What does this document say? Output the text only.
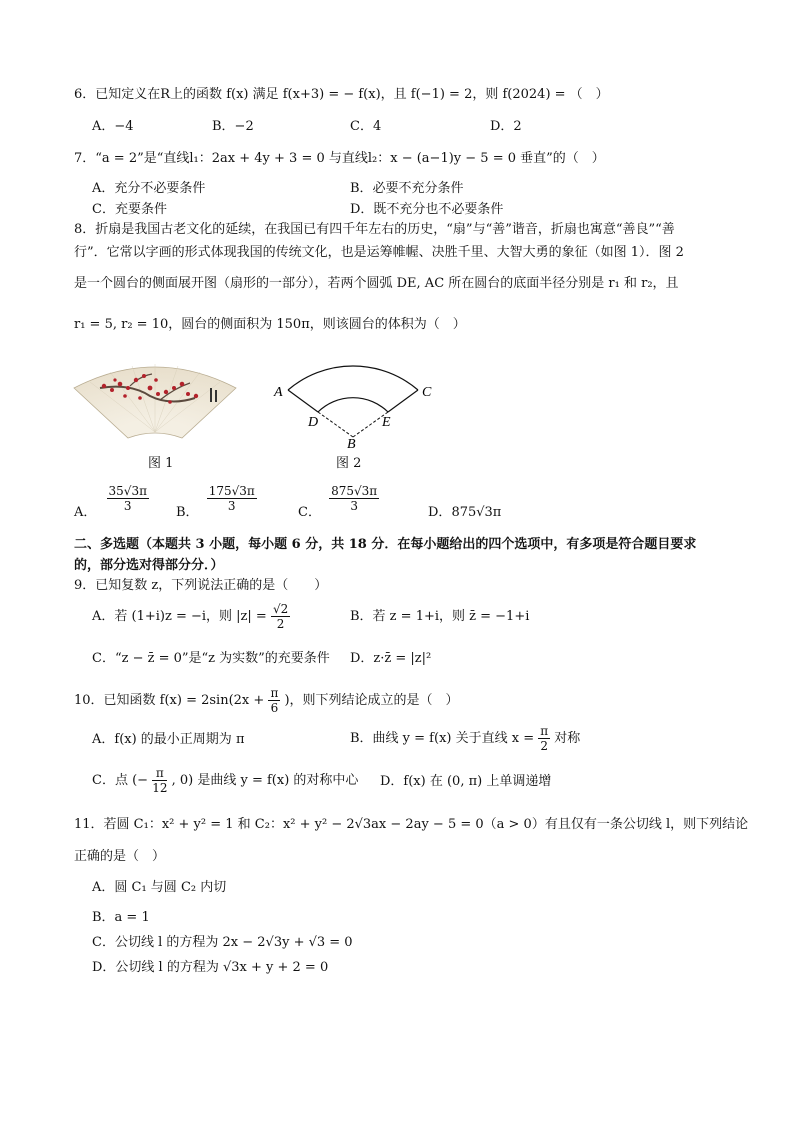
6．已知定义在R上的函数 f(x) 满足 f(x+3) = − f(x)，且 f(−1) = 2，则 f(2024) = （　）
A．−4	B．−2	C．4	D．2
7．“a = 2”是“直线l₁：2ax + 4y + 3 = 0 与直线l₂：x − (a−1)y − 5 = 0 垂直”的（　）
A．充分不必要条件	B．必要不充分条件
C．充要条件	D．既不充分也不必要条件
8．折扇是我国古老文化的延续，在我国已有四千年左右的历史，“扇”与“善”谐音，折扇也寓意“善良”“善
行”．它常以字画的形式体现我国的传统文化，也是运筹帷幄、决胜千里、大智大勇的象征（如图 1）．图 2
是一个圆台的侧面展开图（扇形的一部分），若两个圆弧 DE, AC 所在圆台的底面半径分别是 r₁ 和 r₂，且
r₁ = 5, r₂ = 10，圆台的侧面积为 150π，则该圆台的体积为（　）
图 1
A	C
D	E
B
图 2
A． $\frac{35√3\pi}{3}$ B． $\frac{175√3\pi}{3}$	C． $\frac{875√3\pi}{3}$	D．875√3π
二、多选题（本题共 3 小题，每小题 6 分，共 18 分．在每小题给出的四个选项中，有多项是符合题目要求
的，部分选对得部分分．）
9．已知复数 z，下列说法正确的是（　　）
A．若 (1+i)z = −i，则 $|z| = \frac{√2}{2}$	B．若 z = 1+i，则 z̄ = −1+i
C．“z − z̄ = 0”是“z 为实数”的充要条件 D．z·z̄ = |z|²
10．已知函数 $f(x) = 2\sin(2x + \frac{\pi}{6}$ )，则下列结论成立的是（　）
A．f(x) 的最小正周期为 π	B．曲线 y = f(x) 关于直线 $x = \frac{\pi}{2}$ 对称
C．点 (− $\frac{\pi}{12}$ , 0) 是曲线 y = f(x) 的对称中心 D．f(x) 在 (0, π) 上单调递增
11．若圆 C₁：x² + y² = 1 和 C₂：x² + y² − 2√3ax − 2ay − 5 = 0（a > 0）有且仅有一条公切线 l，则下列结论
正确的是（　）
A．圆 C₁ 与圆 C₂ 内切
B．a = 1
C．公切线 l 的方程为 2x − 2√3y + √3 = 0
D．公切线 l 的方程为 √3x + y + 2 = 0
